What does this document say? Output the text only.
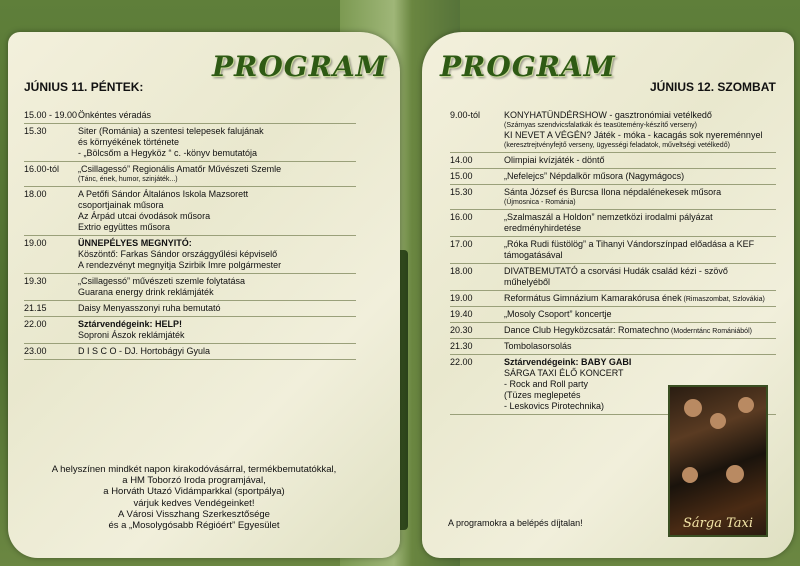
PROGRAM PROGRAM
JÚNIUS 11. PÉNTEK:	JÚNIUS 12. SZOMBAT
15.00 - 19.00 Önkéntes véradás
15.30	Siter (Románia) a szentesi telepesek falujának
és környékének története
- „Bölcsőm a Hegyköz “ c. -könyv bemutatója
16.00-tól	„Csillagessó” Regionális Amatőr Művészeti Szemle
(Tánc, ének, humor, szinjáték...)
18.00	A Petőfi Sándor Általános Iskola Mazsorett
csoportjainak műsora
Az Árpád utcai óvodások műsora
Extrio együttes műsora
19.00	ÜNNEPÉLYES MEGNYITÓ:
Köszöntő: Farkas Sándor országgyűlési képviselő
A rendezvényt megnyitja Szirbik Imre polgármester
19.30	„Csillagessó” művészeti szemle folytatása
Guarana energy drink reklámjáték
21.15	Daisy Menyasszonyi ruha bemutató
22.00	Sztárvendégeink: HELP!
Soproni Ászok reklámjáték
23.00	D I S C O - DJ. Hortobágyi Gyula
9.00-tól	KONYHATÜNDÉRSHOW - gasztronómiai vetélkedő
(Szárnyas szendvicsfalatkák és teasütemény-készítő verseny)
KI NEVET A VÉGÉN? Játék - móka - kacagás sok nyereménnyel
(keresztrejtvényfejtő verseny, ügyességi feladatok, műveltségi vetélkedő)
14.00	Olimpiai kvízjáték - döntő
15.00	„Nefelejcs” Népdalkör műsora (Nagymágocs)
15.30	Sánta József és Burcsa Ilona népdalénekesek műsora
(Újmosnica - Románia)
16.00	„Szalmaszál a Holdon” nemzetközi irodalmi pályázat
eredményhirdetése
17.00	„Róka Rudi füstölög” a Tihanyi Vándorszínpad előadása a KEF
támogatásával
18.00	DIVATBEMUTATÓ a csorvási Hudák család kézi - szövő
műhelyéből
19.00	Református Gimnázium Kamarakórusa ének (Rimaszombat, Szlovákia)
19.40	„Mosoly Csoport” koncertje
20.30	Dance Club Hegyközcsatár: Romatechno (Moderntánc Romániából)
21.30	Tombolasorsolás
22.00	Sztárvendégeink: BABY GABI
SÁRGA TAXI ÉLŐ KONCERT
- Rock and Roll party
(Tüzes meglepetés
- Leskovics Pirotechnika)
A helyszínen mindkét napon kirakodóvásárral, termékbemutatókkal,
a HM Toborzó Iroda programjával,
a Horváth Utazó Vidámparkkal (sportpálya)
várjuk kedves Vendégeinket!
A Városi Visszhang Szerkesztősége
és a „Mosolygósabb Régióért” Egyesület	A programokra a belépés díjtalan!	Sárga Taxi
